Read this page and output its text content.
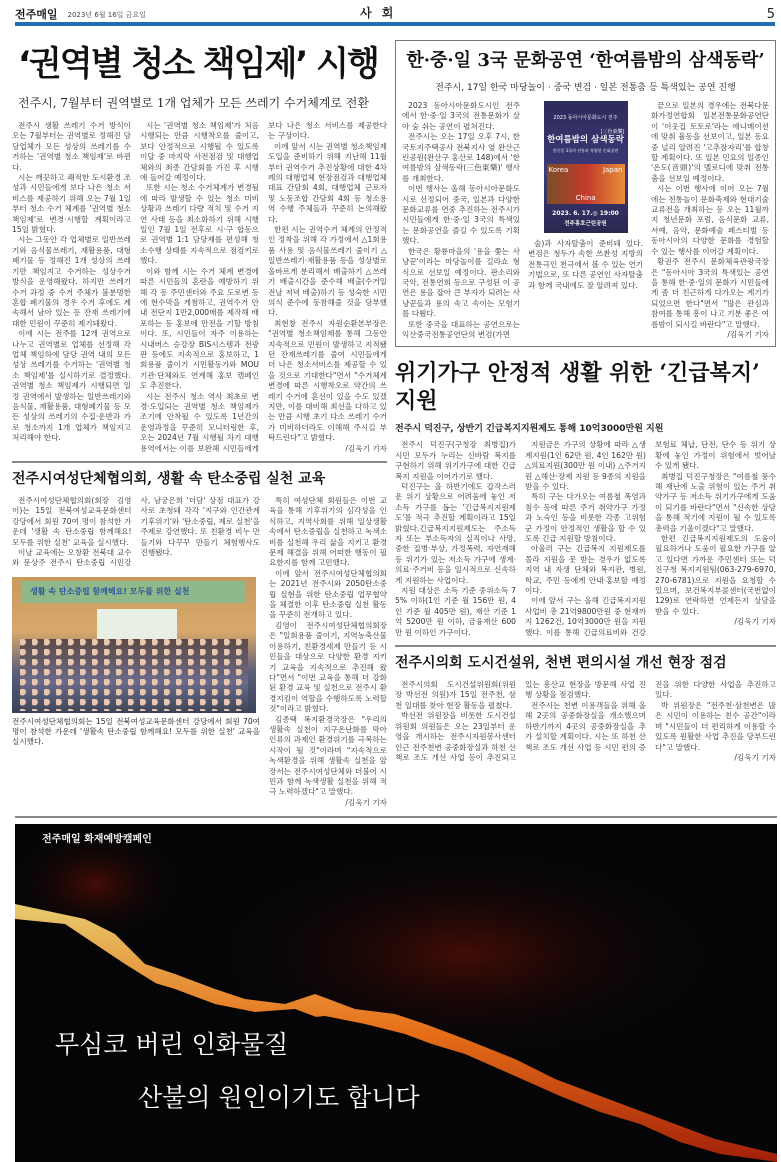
전주매일 2023년 6월 16일 금요일	사 회	5
‘권역별 청소 책임제’ 시행
전주시, 7월부터 권역별로 1개 업체가 모든 쓰레기 수거체계로 전환

전주시 생활 쓰레기 수거 방식이 오는 7월부터는 권역별로 정해진 담당업체가 모든 성상의 쓰레기를 수거하는 '권역별 청소 책임제'로 바뀐다.

시는 깨끗하고 쾌적한 도시환경 조성과 시민들에게 보다 나은 청소 서비스를 제공하기 위해 오는 7월 1일부터 청소 수거 체계를 '권역별 청소 책임제'로 변경·시행할 계획이라고 15일 밝혔다.

시는 그동안 각 업체별로 일반쓰레기와 음식물쓰레기, 재활용품, 대형폐기물 등 정해진 1개 성상의 쓰레기만 책임지고 수거하는 성상수거 방식을 운영해왔다. 하지만 쓰레기 수거 과정 중 수거 주체가 불분명한 혼합 폐기물의 경우 수거 후에도 계속해서 남아 있는 등 잔재 쓰레기에 대한 민원이 꾸준히 제기돼왔다.

이에 시는 전주를 12개 권역으로 나누고 권역별로 업체를 선정해 각 업체 책임하에 담당 권역 내의 모든 성상 쓰레기를 수거하는 '권역별 청소 책임제'를 실시하기로 결정했다. 권역별 청소 책임제가 시행되면 일정 권역에서 발생하는 일반쓰레기와 음식물, 재활용품, 대형폐기물 등 모든 성상의 쓰레기의 수집·운반과 가로 청소까지 1개 업체가 책임지고 처리해야 한다.

시는 '권역별 청소 책임제'가 처음 시행되는 만큼 시행착오를 줄이고, 보다 안정적으로 시행될 수 있도록 이달 중 마지막 사전점검 및 대행업체와의 최종 간담회를 가진 후 시행에 들어갈 예정이다.

또한 시는 청소 수거체계가 변경됨에 따라 발생할 수 있는 청소 미비 상황과 쓰레기 다량 적치 및 수거 지연 사태 등을 최소화하기 위해 시행일인 7월 1일 전후로 시·구 합동으로 권역별 1:1 담당제를 편성해 청소수행 상태를 지속적으로 점검키로 했다.

이와 함께 시는 수거 체계 변경에 따른 시민들의 혼란을 예방하기 위해 각 동 주민센터와 주요 도로변 등에 현수막을 게첨하고, 권역수거 안내 전단지 1만2,000매를 제작해 배포하는 등 홍보에 만전을 기할 방침이다. 또, 시민들이 자주 이용하는 시내버스 승강장 BIS시스템과 전광판 등에도 지속적으로 홍보하고, 1회용품 줄이기 시민활동가와 MOU 기관·단체와도 연계해 홍보 캠페인도 추진한다.

시는 전주시 청소 역사 최초로 변경·도입되는 권역별 청소 책임제가 조기에 안착될 수 있도록 1년간의 운영과정을 꾸준히 모니터링한 후, 오는 2024년 7월 시행될 차기 대행용역에서는 이를 보완해 시민들에게 보다 나은 청소 서비스를 제공한다는 구상이다.

이에 앞서 시는 권역별 청소책임제 도입을 준비하기 위해 지난해 11월부터 권역수거 추진상황에 대한 4차례의 대행업체 현장점검과 대행업체 대표 간담회 4회, 대행업체 근로자 및 노동조합 간담회 4회 등 청소용역 수행 주체들과 꾸준히 논의해왔다.

한편 시는 권역수거 체계의 안정적인 정착을 위해 각 가정에서 △1회용품 사용 및 음식물쓰레기 줄이기 △일반쓰레기·재활용품 등을 성상별로 올바르게 분리해서 배출하기 △쓰레기 배출시간을 준수해 배출(수거일 전날 저녁 배출)하기 등 성숙한 시민의식 준수에 동참해줄 것을 당부했다.

최현창 전주시 자원순환본부장은 "권역별 청소책임제를 통해 그동안 지속적으로 민원이 발생하고 지적됐던 잔재쓰레기를 줄여 시민들에게 더 나은 청소서비스를 제공할 수 있을 것으로 기대한다"면서 "수거체계 변경에 따른 시행착오로 약간의 쓰레기 수거에 혼선이 있을 수도 있겠지만, 이를 대비해 최선을 다하고 있는 만큼 시행 초기 다소 쓰레기 수거가 미비하더라도 이해해 주시길 부탁드린다"고 밝혔다.

/김욱기 기자
전주시여성단체협의회, 생활 속 탄소중립 실천 교육

전주시여성단체협의회(회장 김영이)는 15일 전북여성교육문화센터 강당에서 회원 70여 명이 참석한 가운데 '생활 속 탄소중립 함께해요! 모두를 위한 실천' 교육을 실시했다.

이날 교육에는 오창환 전북대 교수와 문상주 전주시 탄소중립 시민강사, 남궁은희 '더담' 상점 대표가 강사로 초청돼 각각 '지구와 인간관계 기후위기'와 '탄소중립, 제로 실천'을 주제로 강연했다. 또 친환경 비누 만들기와 다꾸꾸 만들기 체험행사도 진행됐다.

생활 속 탄소중립 함께해요! 모두를 위한 실천
전주시여성단체협의회는 15일 전북여성교육문화센터 강당에서 회원 70여 명이 참석한 가운데 '생활속 탄소중립 함께해요! 모두를 위한 실천' 교육을 실시했다.

특히 여성단체 회원들은 이번 교육을 통해 기후위기의 심각성을 인식하고, 지역사회를 위해 일상생활 속에서 탄소중립을 실천하고 녹색소비를 실천해 우리 삶을 지키고 환경문제 해결을 위해 어떠한 행동이 필요한지를 함께 고민했다.

이에 앞서 전주시여성단체협의회는 2021년 전주시와 2050탄소중립 실현을 위한 탄소중립 업무협약을 체결한 이후 탄소중립 실천 활동을 꾸준히 전개하고 있다.

김영이 전주시여성단체협의회장은 "일회용품 줄이기, 지역농축산물 이용하기, 친환경세제 만들기 등 시민들을 대상으로 다양한 환경 지키기 교육을 지속적으로 추진해 왔다"면서 "이번 교육을 통해 더 강화된 환경 교육 및 실천으로 전주시 환경지킴이 역할을 수행하도록 노력할 것"이라고 밝혔다.

김종택 복지환경국장은 "우리의 생활속 실천이 지구온난화를 막아 인류의 과제인 환경위기를 극복하는 시작이 될 것"이라며 "지속적으로 녹색환경을 위해 생활속 실천을 앞장서는 전주시여성단체와 더불어 시민과 함께 녹색생활 실천을 위해 적극 노력하겠다"고 말했다.

/김욱기 기자
한·중·일 3국 문화공연 ‘한여름밤의 삼색동락’
전주시, 17일 한국 마당놀이 · 중국 변검 · 일본 전통춤 등 특색있는 공연 진행

2023 동아시아문화도시인 전주에서 한·중·일 3국의 전통문화가 살아 숨 쉬는 공연이 펼쳐진다.

전주시는 오는 17일 오후 7시, 한국토지주택공사 전북지사 옆 완산근린공원(완산구 홍산로 148)에서 '한여름밤의 삼색동락(三色東樂)' 행사를 개최한다.

이번 행사는 올해 동아시아문화도시로 선정되어 중국, 일본과 다양한 문화교류를 연중 추진하는 전주시가 시민들에게 한·중·일 3국의 특색있는 문화공연을 즐길 수 있도록 기획했다.

한국은 황룡마을의 '용을 쫓는 사냥꾼'이라는 마당놀이를 길라쇼 형식으로 선보일 예정이다. 판소리와 국악, 전통연희 등으로 구성된 이 공연은 용을 잡아 큰 부자가 되려는 사냥꾼들과 용의 속고 속이는 모험기를 다뤘다.

또한 중국을 대표하는 공연으로는 익산중국전통공연단의 변검(가면

2023 동아시아문화도시 전주
[三色東樂]
한여름밤의 삼색동락
한중일 3국의 전통과 특별한 문화공연
Korea
China
Japan
2023. 6. 17.◎ 19:00
전주홍호근린공원

술)과 사자탈춤이 준비돼 있다. 변검은 청두가 속한 쓰촨성 지방의 전통극인 천극에서 볼 수 있는 연기 기법으로, 또 다른 공연인 사자탈춤과 함께 국내에도 잘 알려져 있다.

끝으로 일본의 경우에는 전북다문화가정연합회 일본전통문화공연단이 '이웃집 토토로'라는 애니메이션에 맞춰 율동을 선보이고, 일본 동요 중 널리 알려진 '고추잠자리'를 합창할 계획이다. 또 일본 민요의 일종인 '온도(音頭)'의 멜로디에 맞춰 전통춤을 선보일 예정이다.

시는 이번 행사에 이어 오는 7월에는 전통놀이 문화축제와 현대기술 교류전을 개최하는 등 오는 11월까지 청년문화 포럼, 음식문화 교류, 서예, 음악, 문화예술 페스티벌 등 동아시아의 다양한 문화를 경험할 수 있는 행사를 이어갈 계획이다.

황권주 전주시 문화체육관광국장은 "동아시아 3국의 특색있는 공연을 통해 한·중·일의 문화가 시민들에게 좀 더 친근하게 다가오는 계기가 되었으면 한다"면서 "많은 관심과 참여를 통해 흥이 나고 기분 좋은 여름밤이 되시길 바란다"고 말했다.

/김욱기 기자
위기가구 안정적 생활 위한 ‘긴급복지’ 지원
전주시 덕진구, 상반기 긴급복지지원제도 통해 10억3000만원 지원

전주시 덕진구(구청장 최병집)가 시민 모두가 누리는 신바람 복지를 구현하기 위해 위기가구에 대한 긴급복지 지원을 이어가기로 했다.

덕진구는 올 하반기에도 갑작스러운 위기 상황으로 어려움에 놓인 저소득 가구를 돕는 '긴급복지지원제도'를 적극 추진할 계획이라고 15일 밝혔다.긴급복지지원제도는 주소득자 또는 부소득자의 실직이나 사망, 중한 질병·부상, 가정폭력, 자연재해 등 위기가 있는 저소득 가구에 생계·의료·주거비 등을 일시적으로 신속하게 지원하는 사업이다.

지원 대상은 소득 기준 중위소득 75% 이하(1인 기준 월 156만 원, 4인 기준 월 405만 원), 재산 기준 1억 5200만 원 이하, 금융재산 600만 원 이하인 가구이다.

지원금은 가구의 상황에 따라 △생계지원(1인 62만 원, 4인 162만 원) △의료지원(300만 원 이내) △주거지원 △해산·장제 지원 등 9종의 지원을 받을 수 있다.

특히 구는 다가오는 여름철 폭염과 침수 등에 따른 주거 취약가구 가정과 노숙인 등을 비롯한 각종 고위험군 가정이 안정적인 생활을 할 수 있도록 긴급 지원할 방침이다.

아울러 구는 긴급복지 지원제도를 몰라 지원을 못 받는 경우가 없도록 지역 내 자생 단체와 복지관, 병원, 학교, 주민 등에게 안내·홍보할 예정이다.

이에 앞서 구는 올해 긴급복지지원 사업비 총 21억9800만원 중 현재까지 1262건, 10억3000만 원을 지원했다. 이를 통해 긴급의료비와 건강보험료 체납, 단전, 단수 등 위기 상황에 놓인 가정이 위험에서 벗어날 수 있게 됐다.

최병집 덕진구청장은 "여름철 풍수해 재난에 노출 위험이 있는 주거 취약가구 등 저소득 위기가구에게 도움이 되기를 바란다"면서 "신속한 상담을 통해 적기에 지원이 될 수 있도록 총력을 기울이겠다"고 말했다.

한편 긴급복지지원제도의 도움이 필요하거나 도움이 필요한 가구를 알고 있다면 가까운 주민센터 또는 덕진구청 복지지원팀(063-279-6970, 270-6781)으로 지원을 요청할 수 있으며, 보건복지부콜센터(국번없이 129)로 연락하면 언제든지 상담을 받을 수 있다.

/김욱기 기자
전주시의회 도시건설위, 천변 편의시설 개선 현장 점검

전주시의회 도시건설위원회(위원장 박선전 의원)가 15일 전주천, 삼천 일대를 찾아 현장 활동을 펼쳤다.

박선전 위원장을 비롯한 도시건설위원회 의원들은 오는 23일부터 운영을 개시하는 전주시자원봉사센터 인근 전주천변 공중화장실과 하천 산책로 조도 개선 사업 등이 추진되고 있는 흥산교 현장을 방문해 사업 진행 상황을 점검했다.

전주시는 천변 이용객들을 위해 올해 2곳의 공중화장실을 개소했으며 하반기까지 4곳의 공중화장실을 추가 설치할 계획이다. 시는 또 하천 산책로 조도 개선 사업 등 시민 편의 증진을 위한 다양한 사업을 추진하고 있다.

박 위원장은 "전주천·삼천변은 많은 시민이 이용하는 친수 공간"이라며 "시민들이 더 편리하게 이용할 수 있도록 원활한 사업 추진을 당부드린다"고 말했다.

/김욱기 기자
전주매일 화재예방캠페인
무심코 버린 인화물질
산불의 원인이기도 합니다
